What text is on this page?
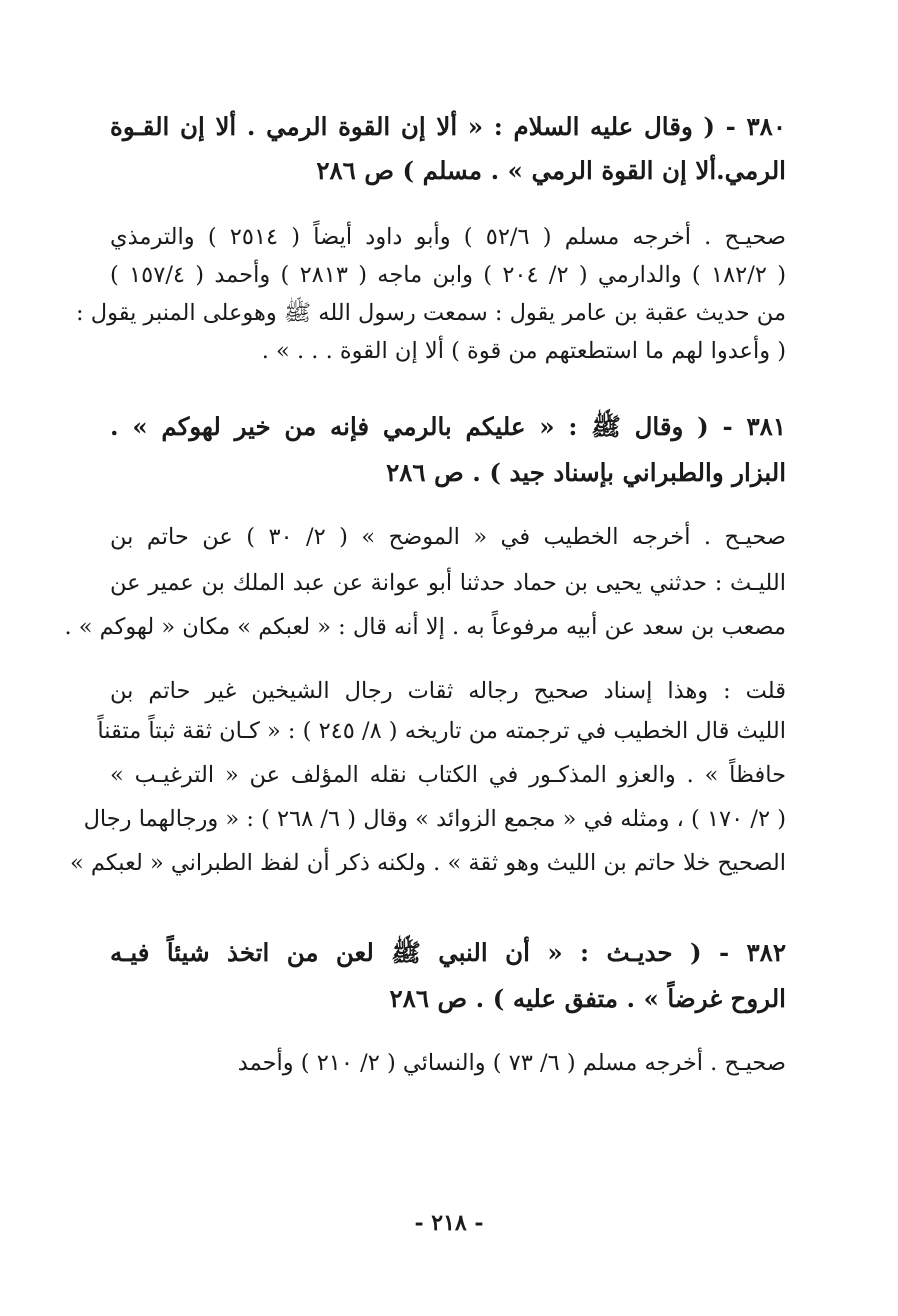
٣٨٠ - ( وقال عليه السلام : « ألا إن القوة الرمي . ألا إن القـوة
الرمي.ألا إن القوة الرمي » . مسلم ) ص ٢٨٦
صحيـح . أخرجه مسلم ( ٥٢/٦ ) وأبو داود أيضاً ( ٢٥١٤ ) والترمذي
( ١٨٢/٢ ) والدارمي ( ٢/ ٢٠٤ ) وابن ماجه ( ٢٨١٣ ) وأحمد ( ١٥٧/٤ )
من حديث عقبة بن عامر يقول : سمعت رسول الله ﷺ وهوعلى المنبر يقول :
( وأعدوا لهم ما استطعتهم من قوة ) ألا إن القوة . . . » .
٣٨١ - ( وقال ﷺ : « عليكم بالرمي فإنه من خير لهوكم » .
البزار والطبراني بإسناد جيد ) . ص ٢٨٦
صحيـح . أخرجه الخطيب في « الموضح » ( ٢/ ٣٠ ) عن حاتم بن
الليـث : حدثني يحيى بن حماد حدثنا أبو عوانة عن عبد الملك بن عمير عن
مصعب بن سعد عن أبيه مرفوعاً به . إلا أنه قال : « لعبكم » مكان « لهوكم » .
قلت : وهذا إسناد صحيح رجاله ثقات رجال الشيخين غير حاتم بن
الليث قال الخطيب في ترجمته من تاريخه ( ٨/ ٢٤٥ ) : « كـان ثقة ثبتاً متقناً
حافظاً » . والعزو المذكـور في الكتاب نقله المؤلف عن « الترغيـب »
( ٢/ ١٧٠ ) ، ومثله في « مجمع الزوائد » وقال ( ٦/ ٢٦٨ ) : « ورجالهما رجال
الصحيح خلا حاتم بن الليث وهو ثقة » . ولكنه ذكر أن لفظ الطبراني « لعبكم »
٣٨٢ - ( حديـث : « أن النبي ﷺ لعن من اتخذ شيئاً فيـه
الروح غرضاً » . متفق عليه ) . ص ٢٨٦
صحيـح . أخرجه مسلم ( ٦/ ٧٣ ) والنسائي ( ٢/ ٢١٠ ) وأحمد
- ٢١٨ -
